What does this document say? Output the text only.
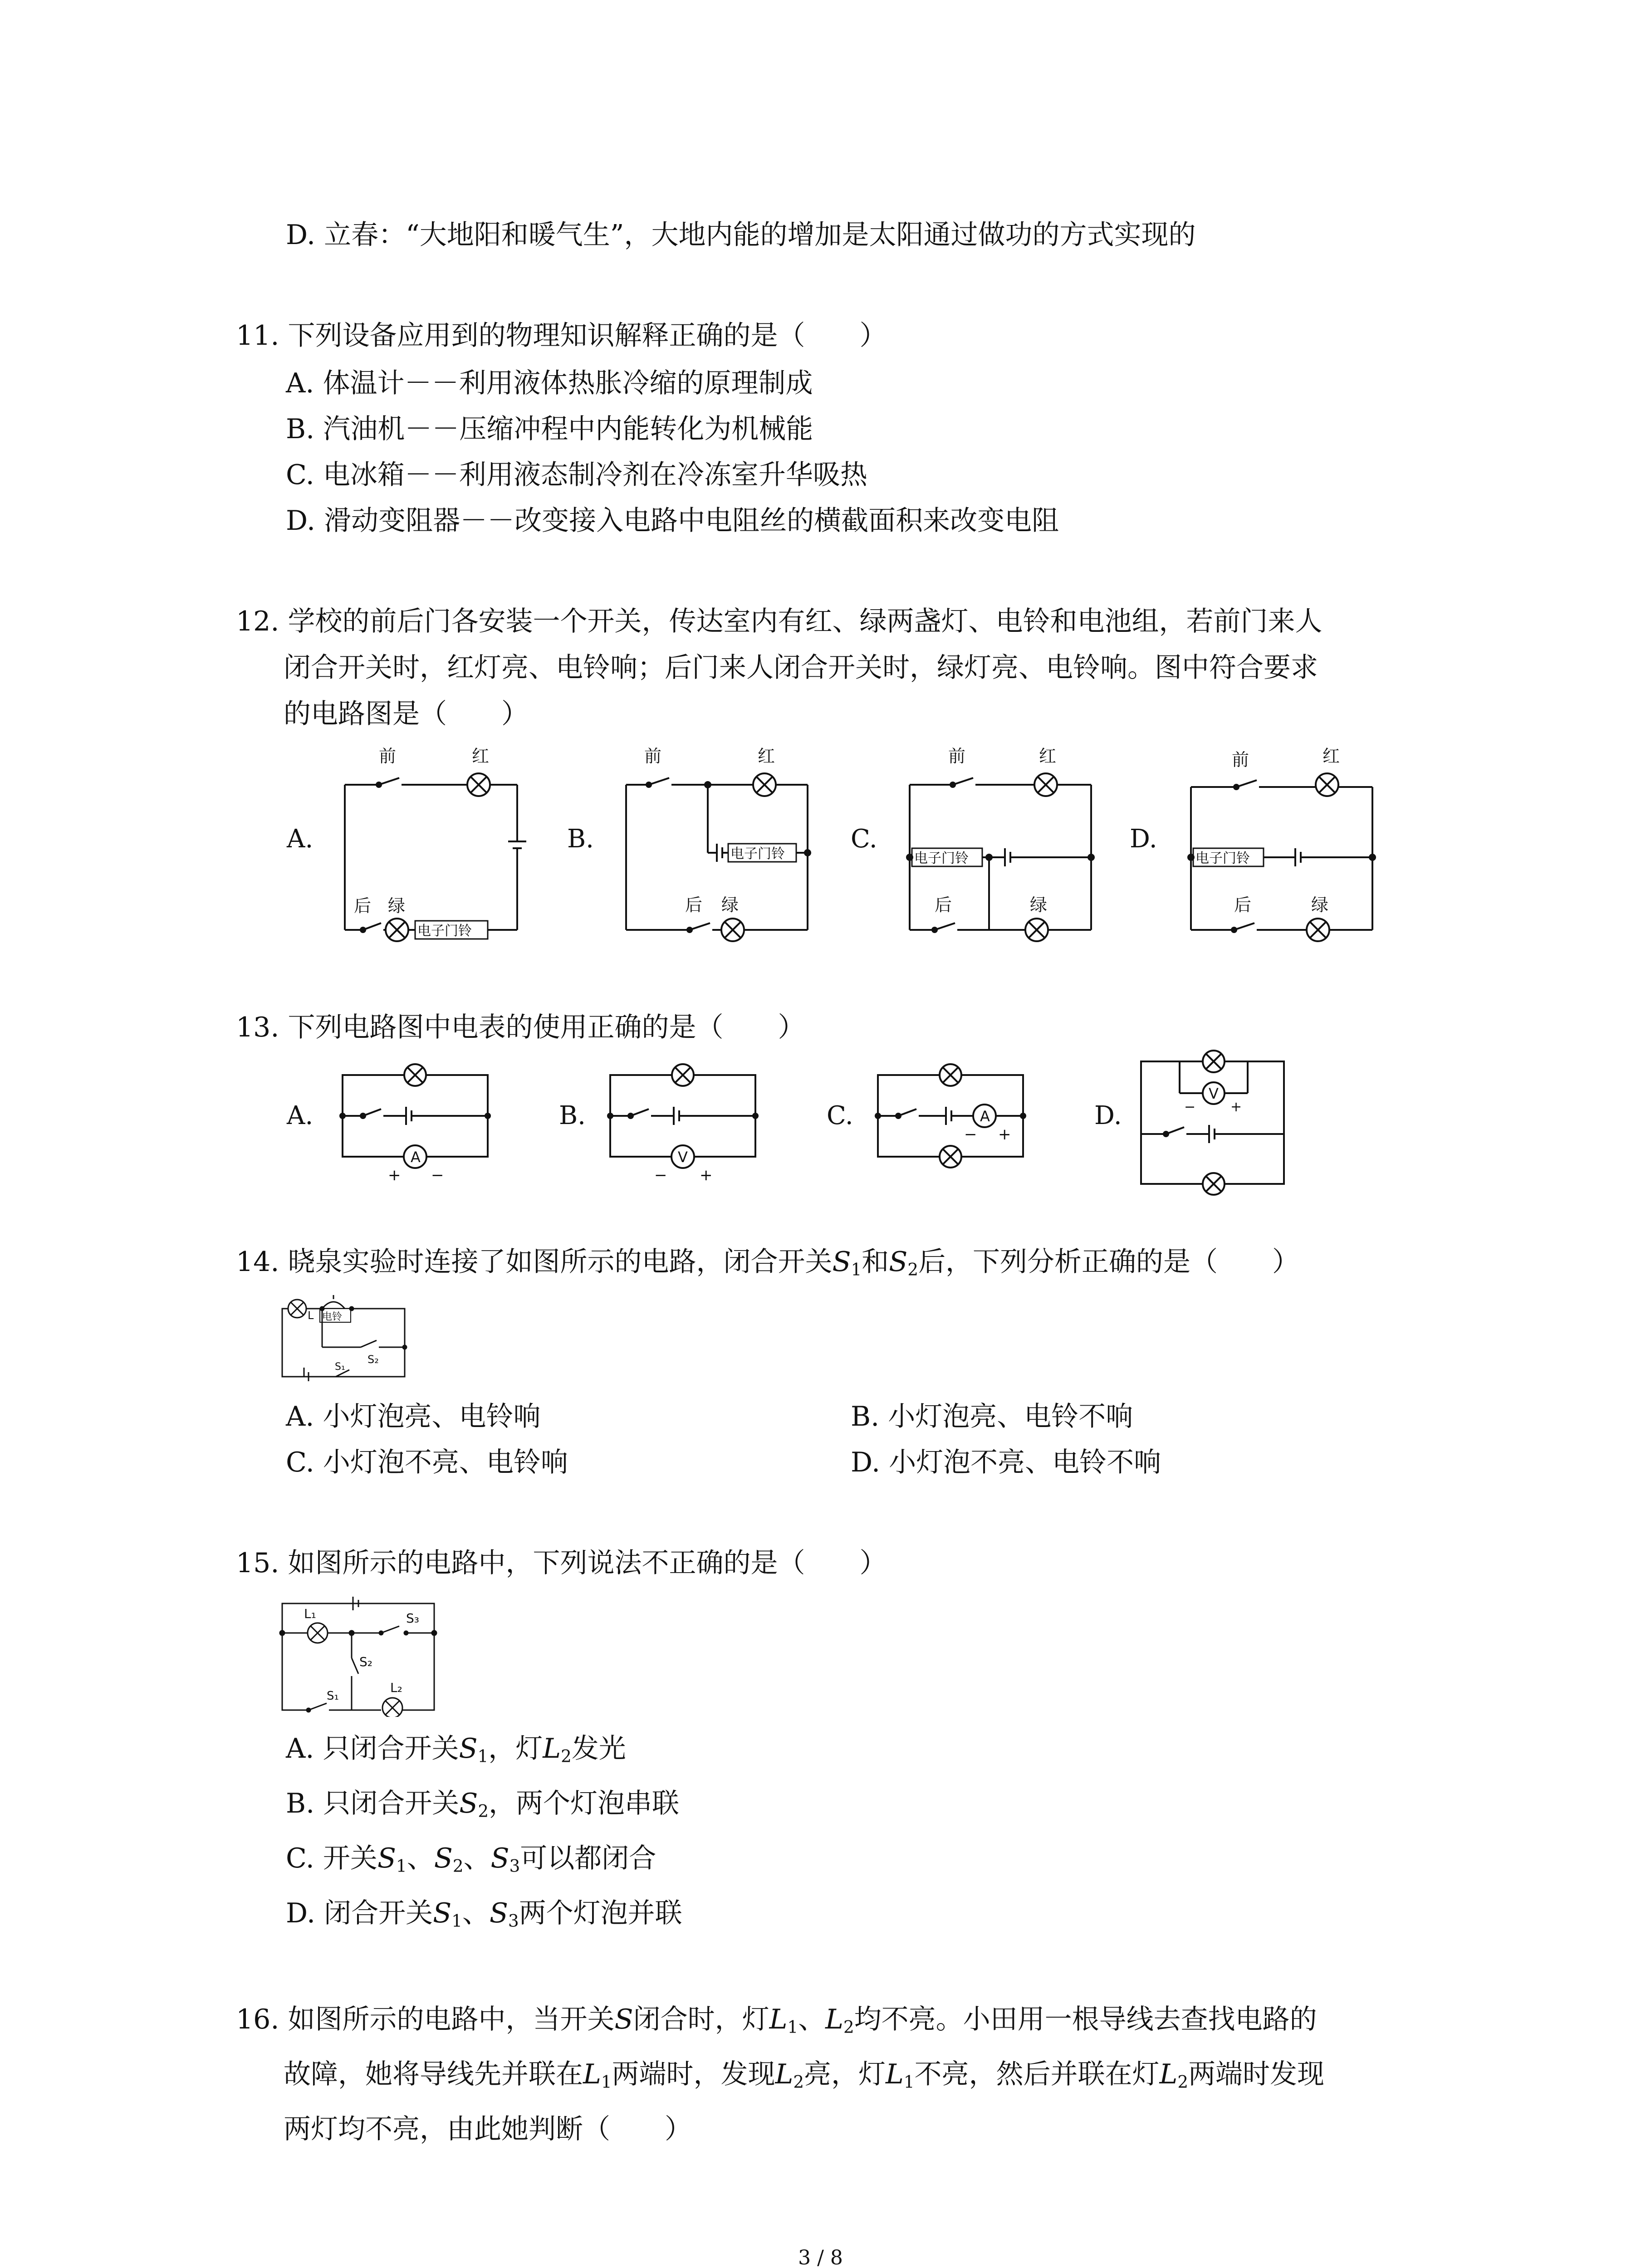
D. 立春：“大地阳和暖气生”，大地内能的增加是太阳通过做功的方式实现的
11. 下列设备应用到的物理知识解释正确的是（　　）
A. 体温计－－利用液体热胀冷缩的原理制成
B. 汽油机－－压缩冲程中内能转化为机械能
C. 电冰箱－－利用液态制冷剂在冷冻室升华吸热
D. 滑动变阻器－－改变接入电路中电阻丝的横截面积来改变电阻
12. 学校的前后门各安装一个开关，传达室内有红、绿两盏灯、电铃和电池组，若前门来人
闭合开关时，红灯亮、电铃响；后门来人闭合开关时，绿灯亮、电铃响。图中符合要求
的电路图是（　　）
A.	B.	C.	D.
前	红
电子门铃
后 绿
前	红
电子门铃
后 绿
前	红
电子门铃
后	绿
前	红
电子门铃
后	绿
13. 下列电路图中电表的使用正确的是（　　）
A.	B.	C.	D.
A
+ −
V
− +
A
− +
V
−	+
14. 晓泉实验时连接了如图所示的电路，闭合开关$S_1$和$S_2$后，下列分析正确的是（　　）
L 电铃
S₂
S₁
A. 小灯泡亮、电铃响	B. 小灯泡亮、电铃不响
C. 小灯泡不亮、电铃响	D. 小灯泡不亮、电铃不响
15. 如图所示的电路中，下列说法不正确的是（　　）
L₁	S₃
S₂
S₁
L₂
A. 只闭合开关$S_1$，灯$L_2$发光
B. 只闭合开关$S_2$，两个灯泡串联
C. 开关$S_1$、$S_2$、$S_3$可以都闭合
D. 闭合开关$S_1$、$S_3$两个灯泡并联
16. 如图所示的电路中，当开关S闭合时，灯$L_1$、$L_2$均不亮。小田用一根导线去查找电路的
故障，她将导线先并联在$L_1$两端时，发现$L_2$亮，灯$L_1$不亮，然后并联在灯$L_2$两端时发现
两灯均不亮，由此她判断（　　）
3 / 8
